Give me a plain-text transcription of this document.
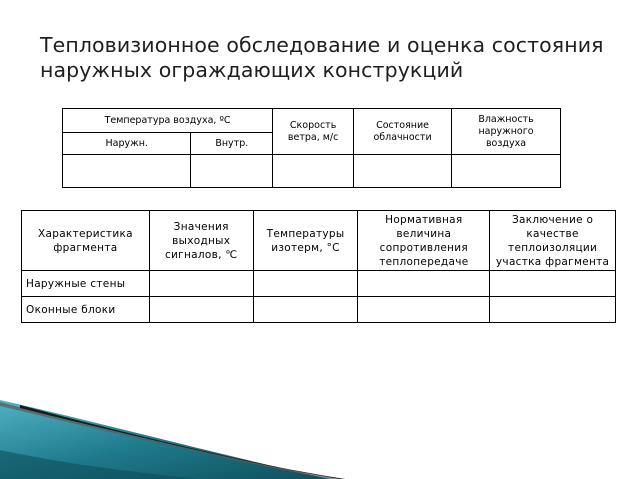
Тепловизионное обследование и оценка состояния
наружных ограждающих конструкций
Температура воздуха, ºС		Скорость ветра, м/с	Состояние облачности	Влажность наружного воздуха

Наружн.	Внутр.			

Характеристика фрагмента	Значения выходных сигналов, ℃	Температуры изотерм, °С	Нормативная величина сопротивления теплопередаче	Заключение о качестве теплоизоляции участка фрагмента

Наружные стены				
Оконные блоки				
